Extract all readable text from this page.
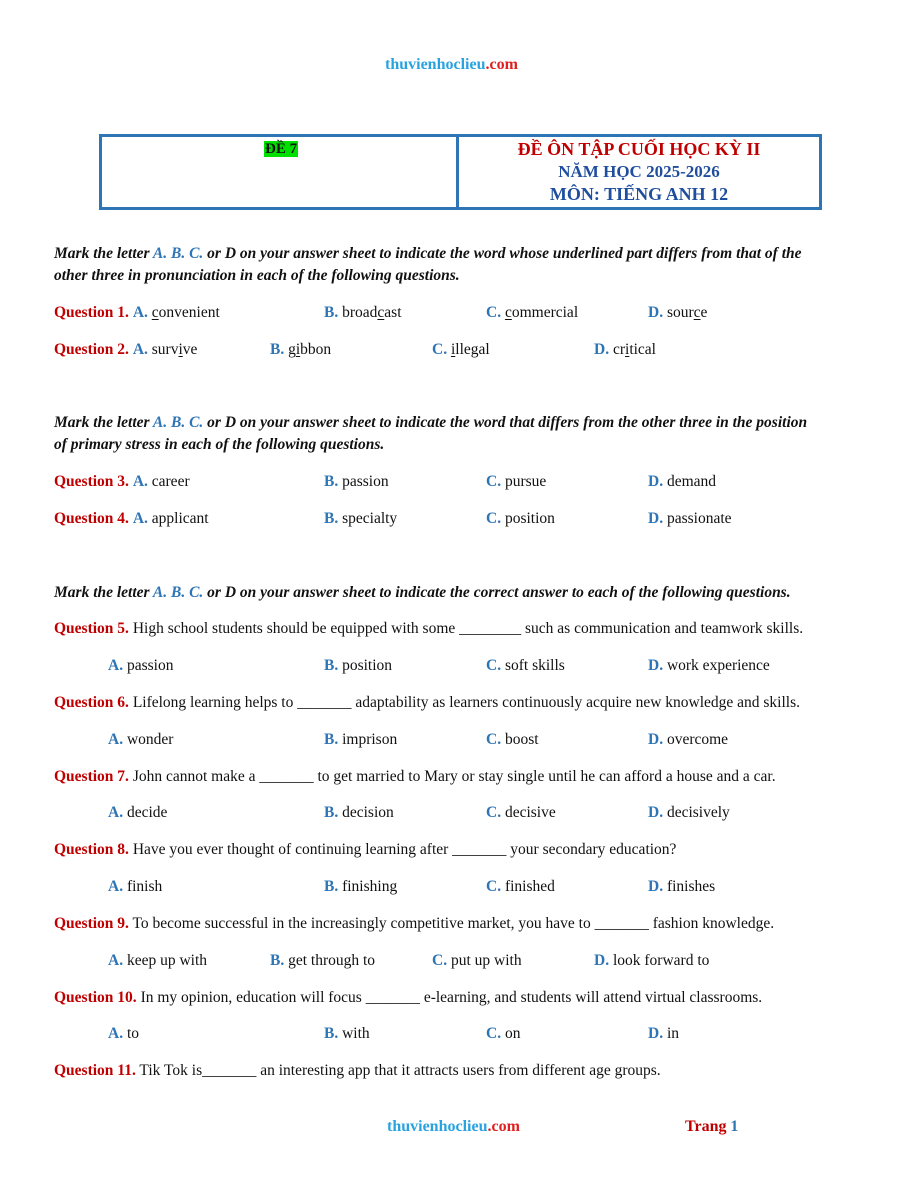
thuvienhoclieu.com
ĐỀ 7	ĐỀ ÔN TẬP CUỐI HỌC KỲ II
NĂM HỌC 2025-2026
MÔN: TIẾNG ANH 12
Mark the letter A. B. C. or D on your answer sheet to indicate the word whose underlined part differs from that of the
other three in pronunciation in each of the following questions.
Question 1. A. convenient	B. broadcast	C. commercial	D. source
Question 2. A. survive	B. gibbon	C. illegal	D. critical
Mark the letter A. B. C. or D on your answer sheet to indicate the word that differs from the other three in the position
of primary stress in each of the following questions.
Question 3. A. career	B. passion	C. pursue	D. demand
Question 4. A. applicant	B. specialty	C. position	D. passionate
Mark the letter A. B. C. or D on your answer sheet to indicate the correct answer to each of the following questions.
Question 5. High school students should be equipped with some ________ such as communication and teamwork skills.
A. passion	B. position	C. soft skills	D. work experience
Question 6. Lifelong learning helps to _______ adaptability as learners continuously acquire new knowledge and skills.
A. wonder	B. imprison	C. boost	D. overcome
Question 7. John cannot make a _______ to get married to Mary or stay single until he can afford a house and a car.
A. decide	B. decision	C. decisive	D. decisively
Question 8. Have you ever thought of continuing learning after _______ your secondary education?
A. finish	B. finishing	C. finished	D. finishes
Question 9. To become successful in the increasingly competitive market, you have to _______ fashion knowledge.
A. keep up with	B. get through to	C. put up with	D. look forward to
Question 10. In my opinion, education will focus _______ e-learning, and students will attend virtual classrooms.
A. to	B. with	C. on	D. in
Question 11. Tik Tok is_______ an interesting app that it attracts users from different age groups.
thuvienhoclieu.com	Trang 1
